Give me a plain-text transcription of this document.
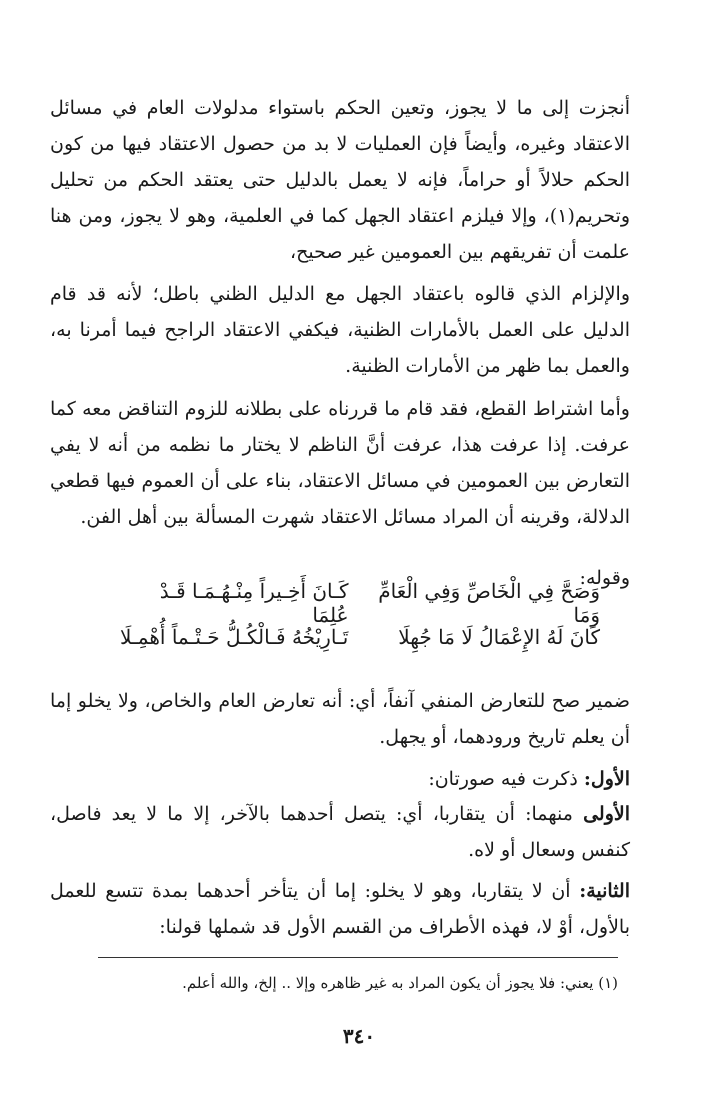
أنجزت إلى ما لا يجوز، وتعين الحكم باستواء مدلولات العام في مسائل الاعتقاد وغيره، وأيضاً فإن العمليات لا بد من حصول الاعتقاد فيها من كون الحكم حلالاً أو حراماً، فإنه لا يعمل بالدليل حتى يعتقد الحكم من تحليل وتحريم(١)، وإلا فيلزم اعتقاد الجهل كما في العلمية، وهو لا يجوز، ومن هنا علمت أن تفريقهم بين العمومين غير صحيح،

والإلزام الذي قالوه باعتقاد الجهل مع الدليل الظني باطل؛ لأنه قد قام الدليل على العمل بالأمارات الظنية، فيكفي الاعتقاد الراجح فيما أمرنا به، والعمل بما ظهر من الأمارات الظنية.

وأما اشتراط القطع، فقد قام ما قررناه على بطلانه للزوم التناقض معه كما عرفت. إذا عرفت هذا، عرفت أنَّ الناظم لا يختار ما نظمه من أنه لا يفي التعارض بين العمومين في مسائل الاعتقاد، بناء على أن العموم فيها قطعي الدلالة، وقرينه أن المراد مسائل الاعتقاد شهرت المسألة بين أهل الفن.

وقوله:

وَصَحَّ فِي الْخَاصِّ وَفِي الْعَامِّ وَمَا
كَـانَ أَخِـيراً مِنْـهُـمَـا قَـدْ عُلِمَا
كَانَ لَهُ الإِعْمَالُ لَا مَا جُهِلَا
تَـارِيْخُهُ فَـالْكُـلُّ حَـتْـماً أُهْمِـلَا

ضمير صح للتعارض المنفي آنفاً، أي: أنه تعارض العام والخاص، ولا يخلو إما أن يعلم تاريخ ورودهما، أو يجهل.

الأول: ذكرت فيه صورتان:

الأولى منهما: أن يتقاربا، أي: يتصل أحدهما بالآخر، إلا ما لا يعد فاصل، كنفس وسعال أو لاه.

الثانية: أن لا يتقاربا، وهو لا يخلو: إما أن يتأخر أحدهما بمدة تتسع للعمل بالأول، أوْ لا، فهذه الأطراف من القسم الأول قد شملها قولنا:

(١) يعني: فلا يجوز أن يكون المراد به غير ظاهره وإلا .. إلخ، والله أعلم.

٣٤٠
